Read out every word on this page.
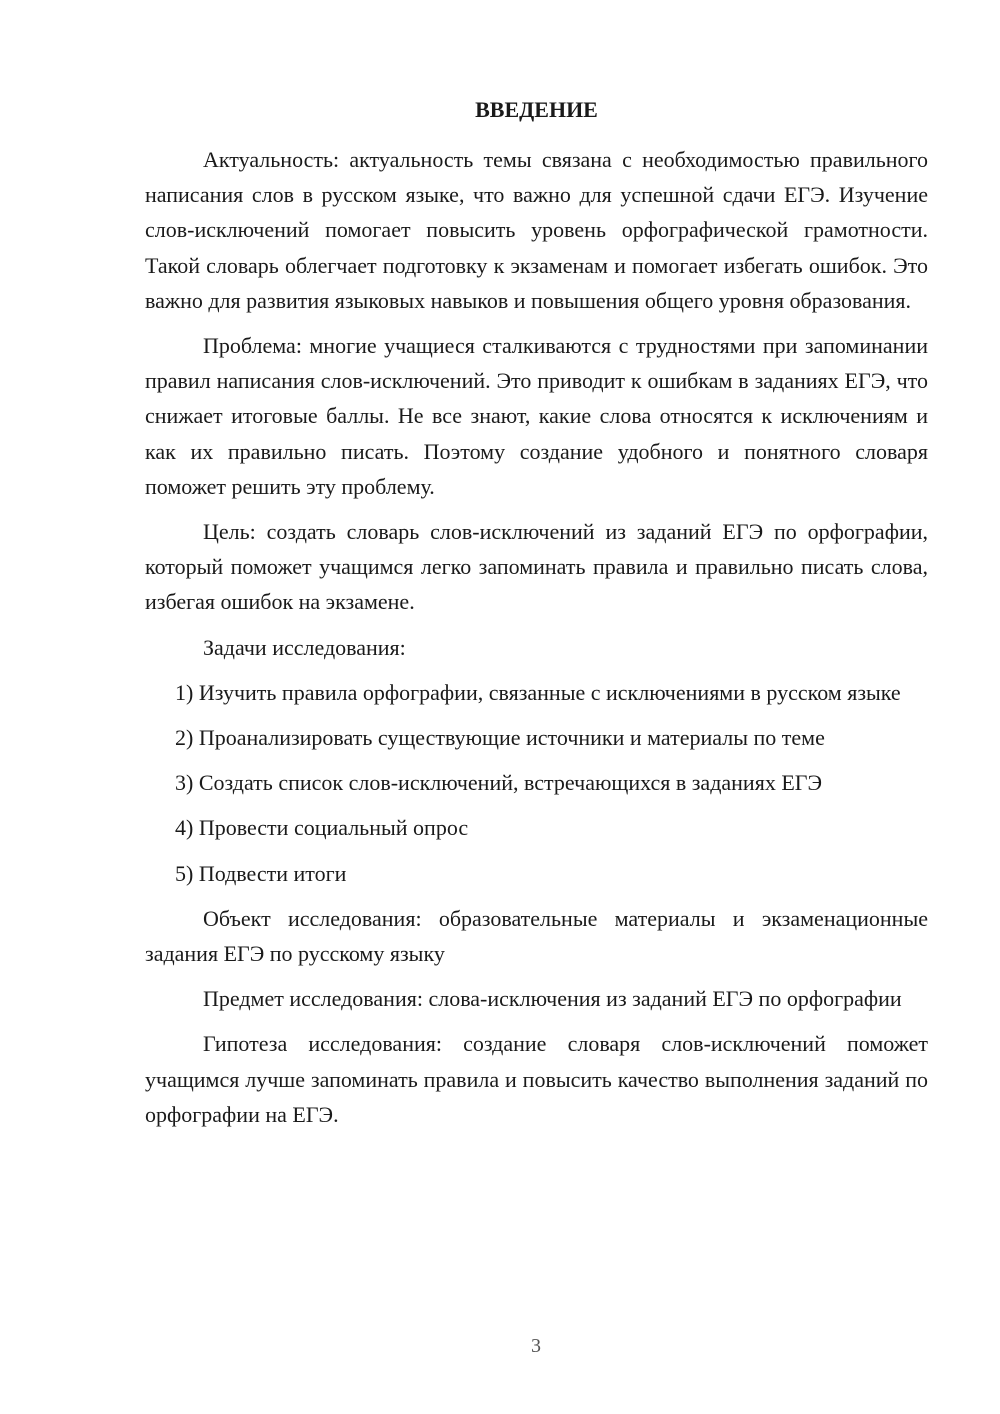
ВВЕДЕНИЕ

Актуальность: актуальность темы связана с необходимостью правильного написания слов в русском языке, что важно для успешной сдачи ЕГЭ. Изучение слов-исключений помогает повысить уровень орфографической грамотности. Такой словарь облегчает подготовку к экзаменам и помогает избегать ошибок. Это важно для развития языковых навыков и повышения общего уровня образования.

Проблема: многие учащиеся сталкиваются с трудностями при запоминании правил написания слов-исключений. Это приводит к ошибкам в заданиях ЕГЭ, что снижает итоговые баллы. Не все знают, какие слова относятся к исключениям и как их правильно писать. Поэтому создание удобного и понятного словаря поможет решить эту проблему.

Цель: создать словарь слов-исключений из заданий ЕГЭ по орфографии, который поможет учащимся легко запоминать правила и правильно писать слова, избегая ошибок на экзамене.

Задачи исследования:

1) Изучить правила орфографии, связанные с исключениями в русском языке

2) Проанализировать существующие источники и материалы по теме

3) Создать список слов-исключений, встречающихся в заданиях ЕГЭ

4) Провести социальный опрос

5) Подвести итоги

Объект исследования: образовательные материалы и экзаменационные задания ЕГЭ по русскому языку

Предмет исследования: слова-исключения из заданий ЕГЭ по орфографии

Гипотеза исследования: создание словаря слов-исключений поможет учащимся лучше запоминать правила и повысить качество выполнения заданий по орфографии на ЕГЭ.

3
